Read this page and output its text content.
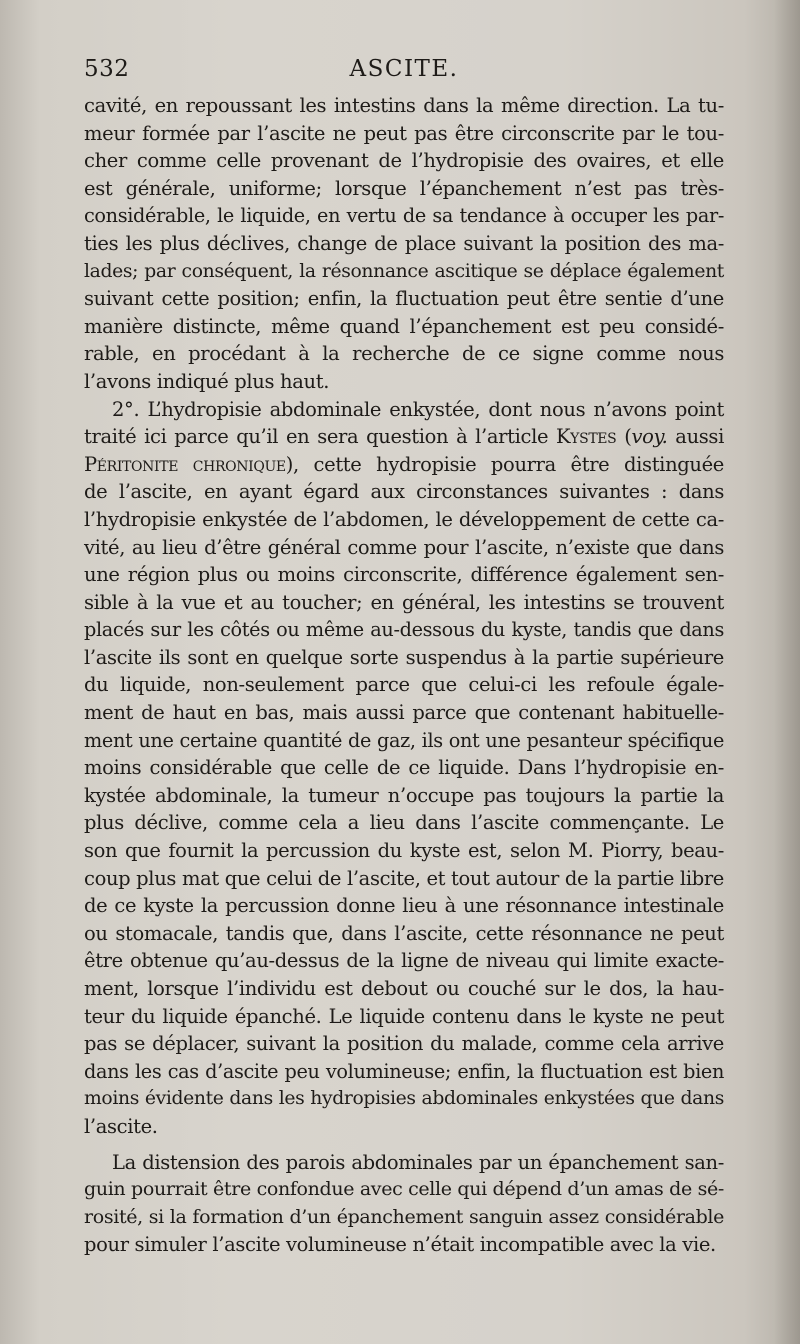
532	ASCITE.
cavité, en repoussant les intestins dans la même direction. La tu-
meur formée par l’ascite ne peut pas être circonscrite par le tou-
cher comme celle provenant de l’hydropisie des ovaires, et elle
est générale, uniforme; lorsque l’épanchement n’est pas très-
considérable, le liquide, en vertu de sa tendance à occuper les par-
ties les plus déclives, change de place suivant la position des ma-
lades; par conséquent, la résonnance ascitique se déplace également
suivant cette position; enfin, la fluctuation peut être sentie d’une
manière distincte, même quand l’épanchement est peu considé-
rable, en procédant à la recherche de ce signe comme nous
l’avons indiqué plus haut.
2°. L’hydropisie abdominale enkystée, dont nous n’avons point
traité ici parce qu’il en sera question à l’article Kystes (voy. aussi
Péritonite chronique), cette hydropisie pourra être distinguée
de l’ascite, en ayant égard aux circonstances suivantes : dans
l’hydropisie enkystée de l’abdomen, le développement de cette ca-
vité, au lieu d’être général comme pour l’ascite, n’existe que dans
une région plus ou moins circonscrite, différence également sen-
sible à la vue et au toucher; en général, les intestins se trouvent
placés sur les côtés ou même au-dessous du kyste, tandis que dans
l’ascite ils sont en quelque sorte suspendus à la partie supérieure
du liquide, non-seulement parce que celui-ci les refoule égale-
ment de haut en bas, mais aussi parce que contenant habituelle-
ment une certaine quantité de gaz, ils ont une pesanteur spécifique
moins considérable que celle de ce liquide. Dans l’hydropisie en-
kystée abdominale, la tumeur n’occupe pas toujours la partie la
plus déclive, comme cela a lieu dans l’ascite commençante. Le
son que fournit la percussion du kyste est, selon M. Piorry, beau-
coup plus mat que celui de l’ascite, et tout autour de la partie libre
de ce kyste la percussion donne lieu à une résonnance intestinale
ou stomacale, tandis que, dans l’ascite, cette résonnance ne peut
être obtenue qu’au-dessus de la ligne de niveau qui limite exacte-
ment, lorsque l’individu est debout ou couché sur le dos, la hau-
teur du liquide épanché. Le liquide contenu dans le kyste ne peut
pas se déplacer, suivant la position du malade, comme cela arrive
dans les cas d’ascite peu volumineuse; enfin, la fluctuation est bien
moins évidente dans les hydropisies abdominales enkystées que dans
l’ascite.
La distension des parois abdominales par un épanchement san-
guin pourrait être confondue avec celle qui dépend d’un amas de sé-
rosité, si la formation d’un épanchement sanguin assez considérable
pour simuler l’ascite volumineuse n’était incompatible avec la vie.
